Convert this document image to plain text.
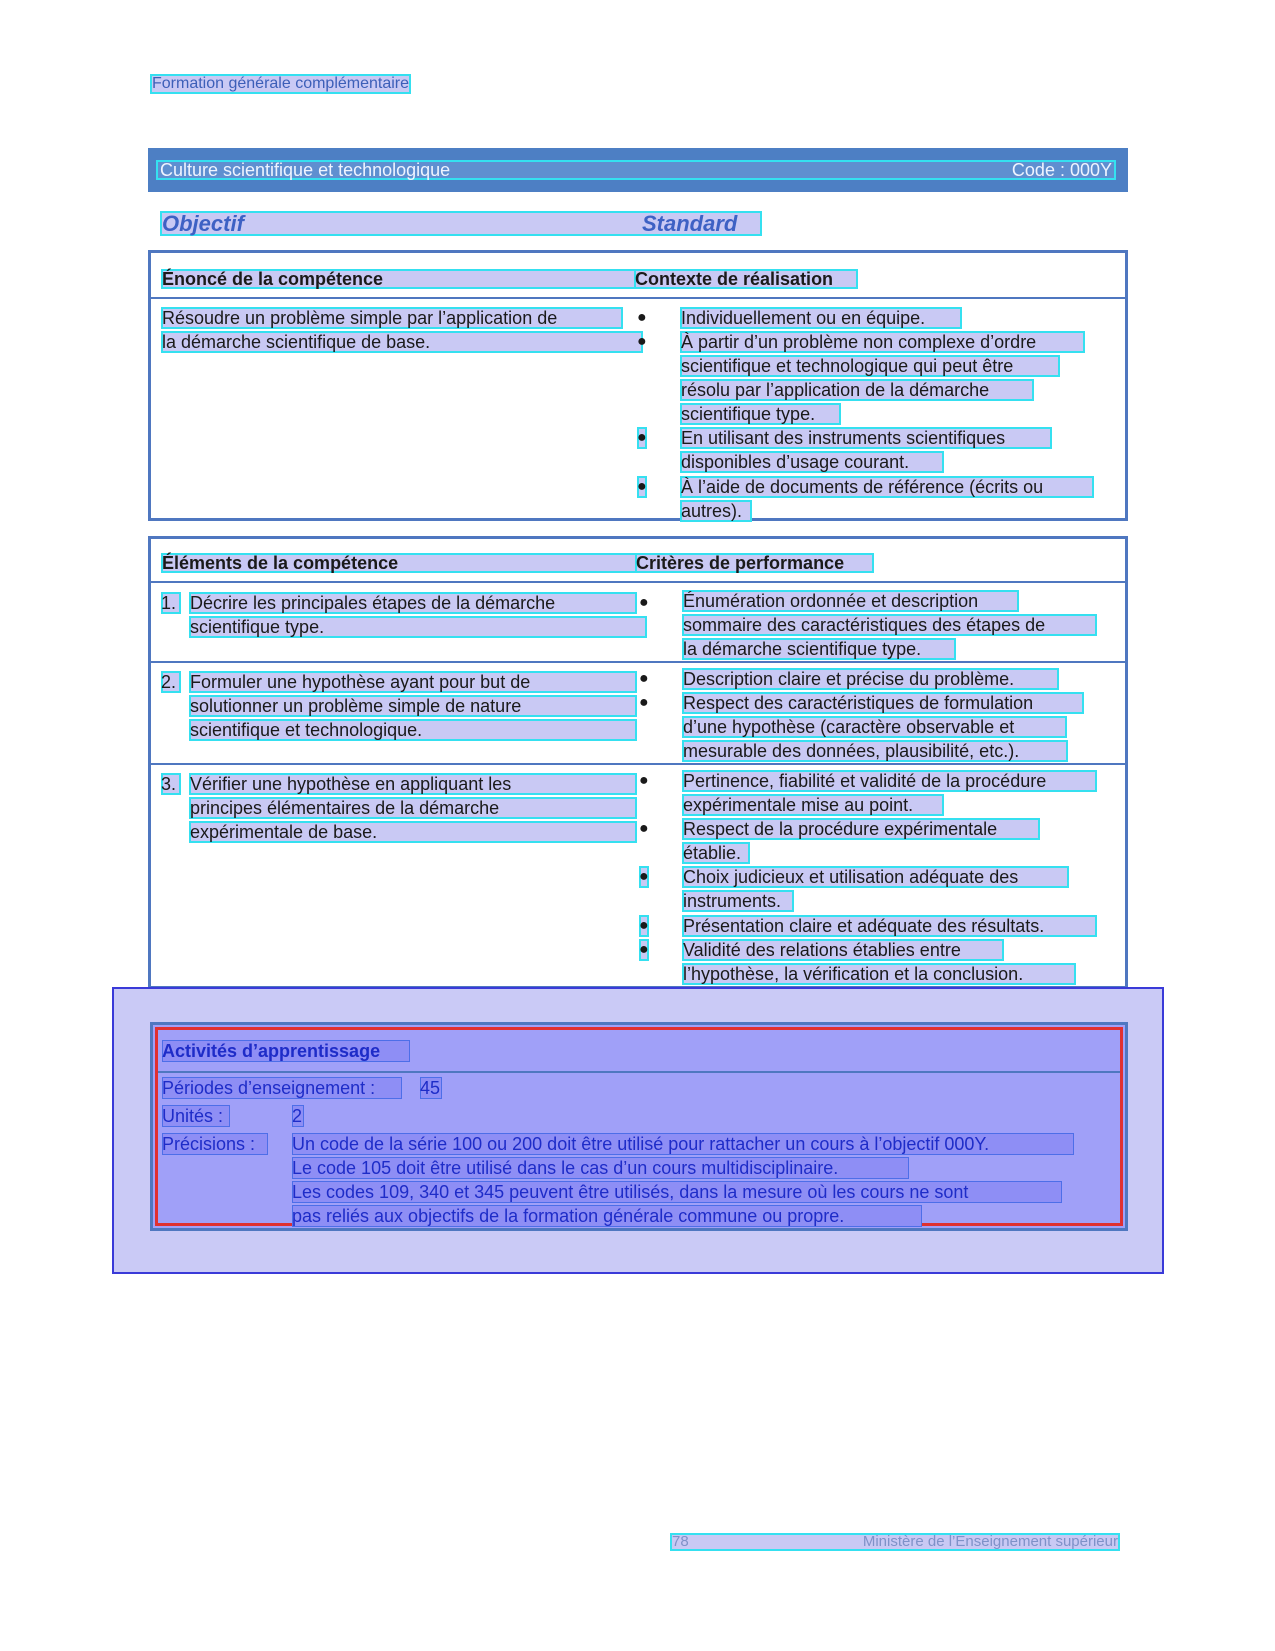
Formation générale complémentaire
Culture scientifique et technologique	Code : 000Y
Objectif	Standard
Énoncé de la compétence	Contexte de réalisation
Résoudre un problème simple par l’application de
la démarche scientifique de base.
● Individuellement ou en équipe.
● À partir d’un problème non complexe d’ordre
scientifique et technologique qui peut être
résolu par l’application de la démarche
scientifique type.
● En utilisant des instruments scientifiques
disponibles d’usage courant.
● À l’aide de documents de référence (écrits ou
autres).
Éléments de la compétence	Critères de performance
1. Décrire les principales étapes de la démarche
scientifique type.
● Énumération ordonnée et description
sommaire des caractéristiques des étapes de
la démarche scientifique type.
2. Formuler une hypothèse ayant pour but de
solutionner un problème simple de nature
scientifique et technologique.
● Description claire et précise du problème.
● Respect des caractéristiques de formulation
d’une hypothèse (caractère observable et
mesurable des données, plausibilité, etc.).
3. Vérifier une hypothèse en appliquant les
principes élémentaires de la démarche
expérimentale de base.
● Pertinence, fiabilité et validité de la procédure
expérimentale mise au point.
● Respect de la procédure expérimentale
établie.
● Choix judicieux et utilisation adéquate des
instruments.
● Présentation claire et adéquate des résultats.
● Validité des relations établies entre
l’hypothèse, la vérification et la conclusion.
Activités d’apprentissage
Périodes d’enseignement :	45
Unités :	2
Précisions :	Un code de la série 100 ou 200 doit être utilisé pour rattacher un cours à l’objectif 000Y.
Le code 105 doit être utilisé dans le cas d’un cours multidisciplinaire.
Les codes 109, 340 et 345 peuvent être utilisés, dans la mesure où les cours ne sont
pas reliés aux objectifs de la formation générale commune ou propre.
78	Ministère de l’Enseignement supérieur
